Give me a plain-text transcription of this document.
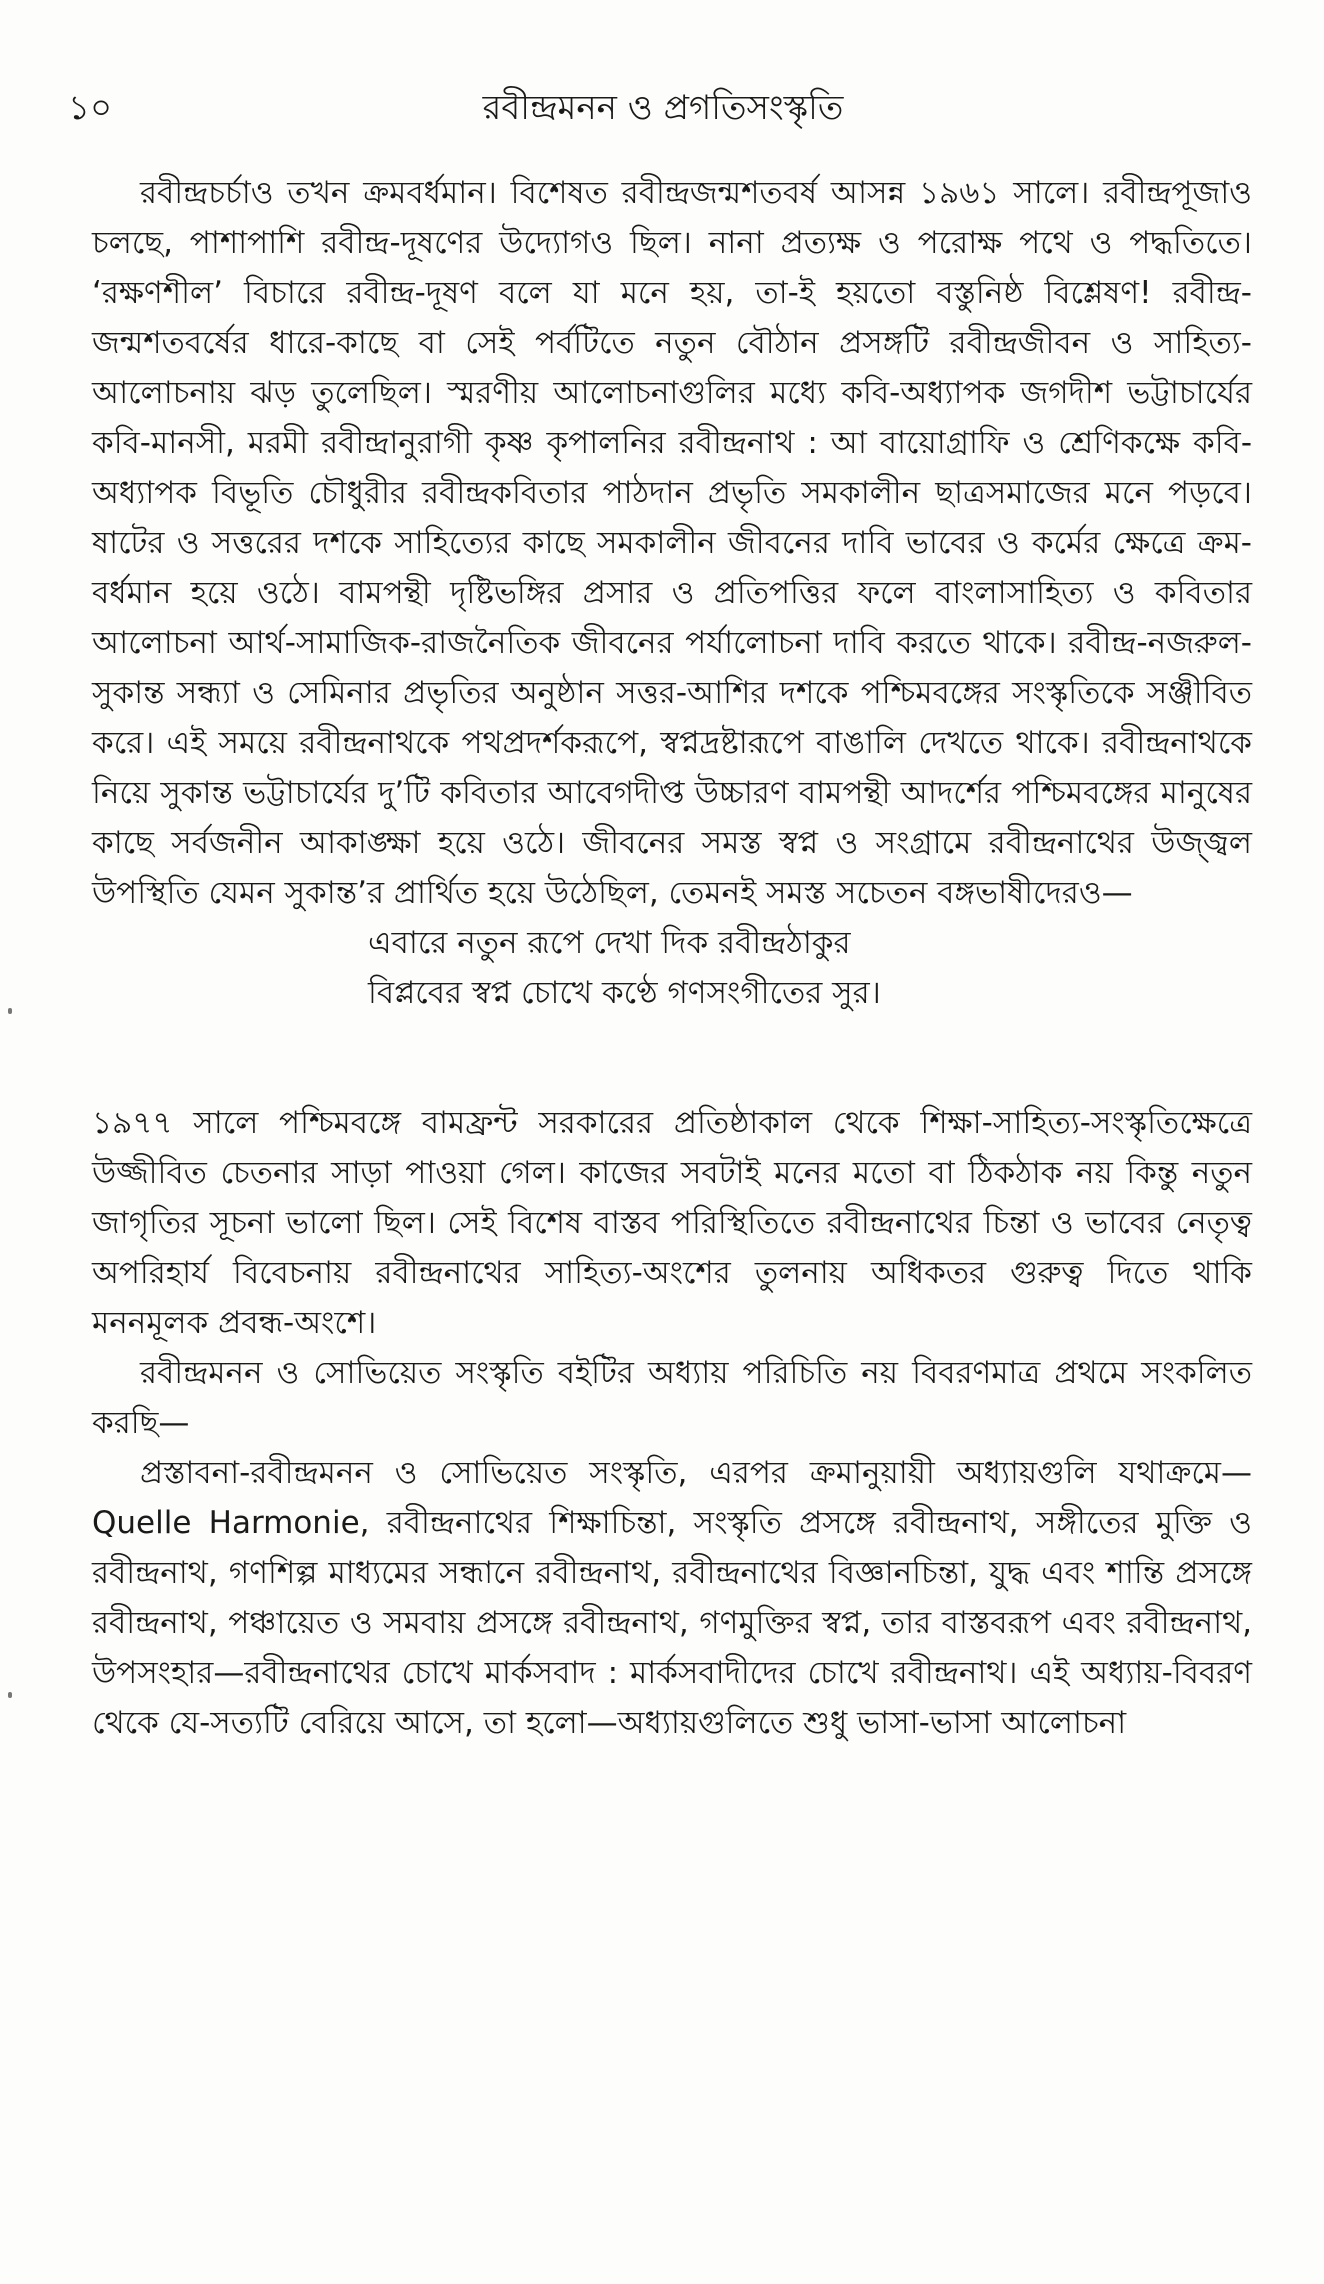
১০	রবীন্দ্রমনন ও প্রগতিসংস্কৃতি

রবীন্দ্রচর্চাও তখন ক্রমবর্ধমান। বিশেষত রবীন্দ্রজন্মশতবর্ষ আসন্ন ১৯৬১ সালে। রবীন্দ্রপূজাও চলছে, পাশাপাশি রবীন্দ্র-দূষণের উদ্যোগও ছিল। নানা প্রত্যক্ষ ও পরোক্ষ পথে ও পদ্ধতিতে। ‘রক্ষণশীল’ বিচারে রবীন্দ্র-দূষণ বলে যা মনে হয়, তা-ই হয়তো বস্তুনিষ্ঠ বিশ্লেষণ! রবীন্দ্র-জন্মশতবর্ষের ধারে-কাছে বা সেই পর্বটিতে নতুন বৌঠান প্রসঙ্গটি রবীন্দ্রজীবন ও সাহিত্য-আলোচনায় ঝড় তুলেছিল। স্মরণীয় আলোচনাগুলির মধ্যে কবি-অধ্যাপক জগদীশ ভট্টাচার্যের কবি-মানসী, মরমী রবীন্দ্রানুরাগী কৃষ্ণ কৃপালনির রবীন্দ্রনাথ : আ বায়োগ্রাফি ও শ্রেণিকক্ষে কবি-অধ্যাপক বিভূতি চৌধুরীর রবীন্দ্রকবিতার পাঠদান প্রভৃতি সমকালীন ছাত্রসমাজের মনে পড়বে। ষাটের ও সত্তরের দশকে সাহিত্যের কাছে সমকালীন জীবনের দাবি ভাবের ও কর্মের ক্ষেত্রে ক্রম-বর্ধমান হয়ে ওঠে। বামপন্থী দৃষ্টিভঙ্গির প্রসার ও প্রতিপত্তির ফলে বাংলাসাহিত্য ও কবিতার আলোচনা আর্থ-সামাজিক-রাজনৈতিক জীবনের পর্যালোচনা দাবি করতে থাকে। রবীন্দ্র-নজরুল-সুকান্ত সন্ধ্যা ও সেমিনার প্রভৃতির অনুষ্ঠান সত্তর-আশির দশকে পশ্চিমবঙ্গের সংস্কৃতিকে সঞ্জীবিত করে। এই সময়ে রবীন্দ্রনাথকে পথপ্রদর্শকরূপে, স্বপ্নদ্রষ্টারূপে বাঙালি দেখতে থাকে। রবীন্দ্রনাথকে নিয়ে সুকান্ত ভট্টাচার্যের দু’টি কবিতার আবেগদীপ্ত উচ্চারণ বামপন্থী আদর্শের পশ্চিমবঙ্গের মানুষের কাছে সর্বজনীন আকাঙ্ক্ষা হয়ে ওঠে। জীবনের সমস্ত স্বপ্ন ও সংগ্রামে রবীন্দ্রনাথের উজ্জ্বল উপস্থিতি যেমন সুকান্ত’র প্রার্থিত হয়ে উঠেছিল, তেমনই সমস্ত সচেতন বঙ্গভাষীদেরও—

এবারে নতুন রূপে দেখা দিক রবীন্দ্রঠাকুর

বিপ্লবের স্বপ্ন চোখে কণ্ঠে গণসংগীতের সুর।

১৯৭৭ সালে পশ্চিমবঙ্গে বামফ্রন্ট সরকারের প্রতিষ্ঠাকাল থেকে শিক্ষা-সাহিত্য-সংস্কৃতিক্ষেত্রে উজ্জীবিত চেতনার সাড়া পাওয়া গেল। কাজের সবটাই মনের মতো বা ঠিকঠাক নয় কিন্তু নতুন জাগৃতির সূচনা ভালো ছিল। সেই বিশেষ বাস্তব পরিস্থিতিতে রবীন্দ্রনাথের চিন্তা ও ভাবের নেতৃত্ব অপরিহার্য বিবেচনায় রবীন্দ্রনাথের সাহিত্য-অংশের তুলনায় অধিকতর গুরুত্ব দিতে থাকি মননমূলক প্রবন্ধ-অংশে।

রবীন্দ্রমনন ও সোভিয়েত সংস্কৃতি বইটির অধ্যায় পরিচিতি নয় বিবরণমাত্র প্রথমে সংকলিত করছি—

প্রস্তাবনা-রবীন্দ্রমনন ও সোভিয়েত সংস্কৃতি, এরপর ক্রমানুয়ায়ী অধ্যায়গুলি যথাক্রমে— Quelle Harmonie, রবীন্দ্রনাথের শিক্ষাচিন্তা, সংস্কৃতি প্রসঙ্গে রবীন্দ্রনাথ, সঙ্গীতের মুক্তি ও রবীন্দ্রনাথ, গণশিল্প মাধ্যমের সন্ধানে রবীন্দ্রনাথ, রবীন্দ্রনাথের বিজ্ঞানচিন্তা, যুদ্ধ এবং শান্তি প্রসঙ্গে রবীন্দ্রনাথ, পঞ্চায়েত ও সমবায় প্রসঙ্গে রবীন্দ্রনাথ, গণমুক্তির স্বপ্ন, তার বাস্তবরূপ এবং রবীন্দ্রনাথ, উপসংহার—রবীন্দ্রনাথের চোখে মার্কসবাদ : মার্কসবাদীদের চোখে রবীন্দ্রনাথ। এই অধ্যায়-বিবরণ থেকে যে-সত্যটি বেরিয়ে আসে, তা হলো—অধ্যায়গুলিতে শুধু ভাসা-ভাসা আলোচনা
